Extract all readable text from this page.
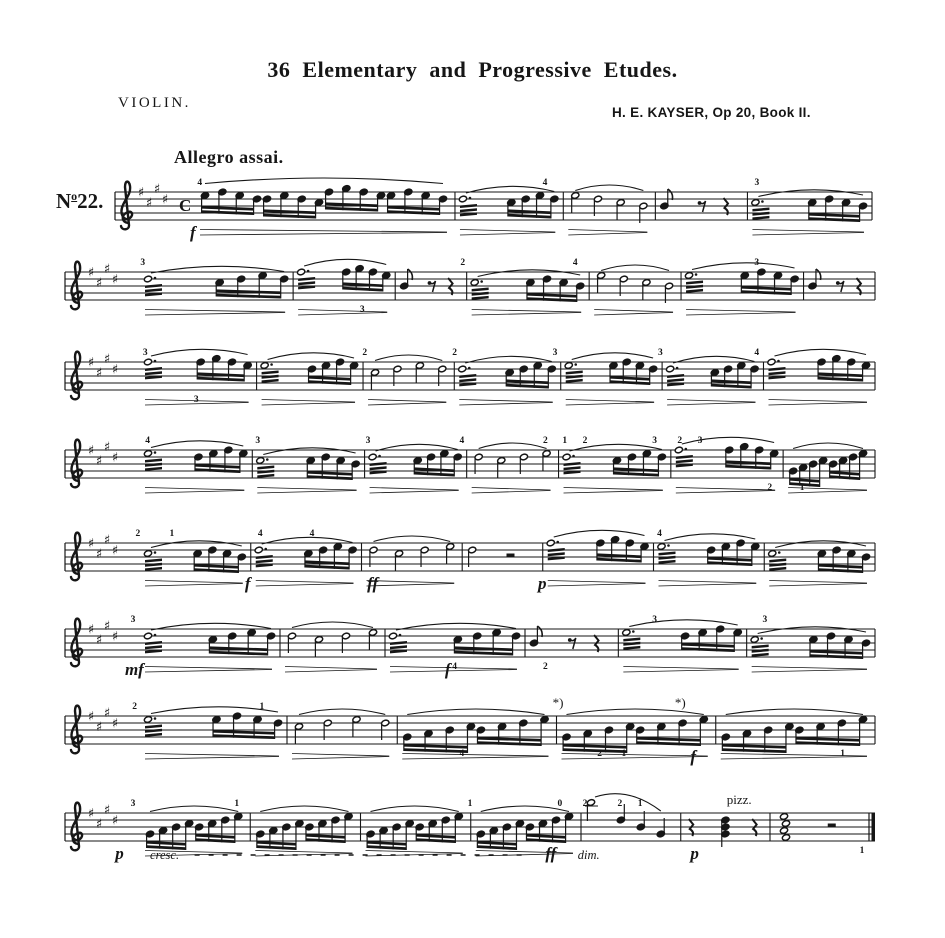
36 Elementary and Progressive Etudes.
VIOLIN.
H. E. KAYSER, Op 20, Book II.
Allegro assai.
$N^o22$.	♯
♯
♯
♯ C
4	4	3
f
♯
♯
♯
♯
3
3
2	4	3
♯
♯
♯
♯
3
3
2	2	3	3	4
♯
♯
♯
♯
4	3	3	4	2 1 2	3 2 3
2	1
♯
♯
♯
♯
2	1	4	4	4
f	ff	p
♯
♯
♯
♯
3
4	2
3	3
mf	f
♯
♯
♯
♯
2	1
4	2 1	1
f
*)	*)
♯
♯
♯
♯
3	1	1	0 2	2 1
1
p cresc.	ff dim.	p
pizz.
